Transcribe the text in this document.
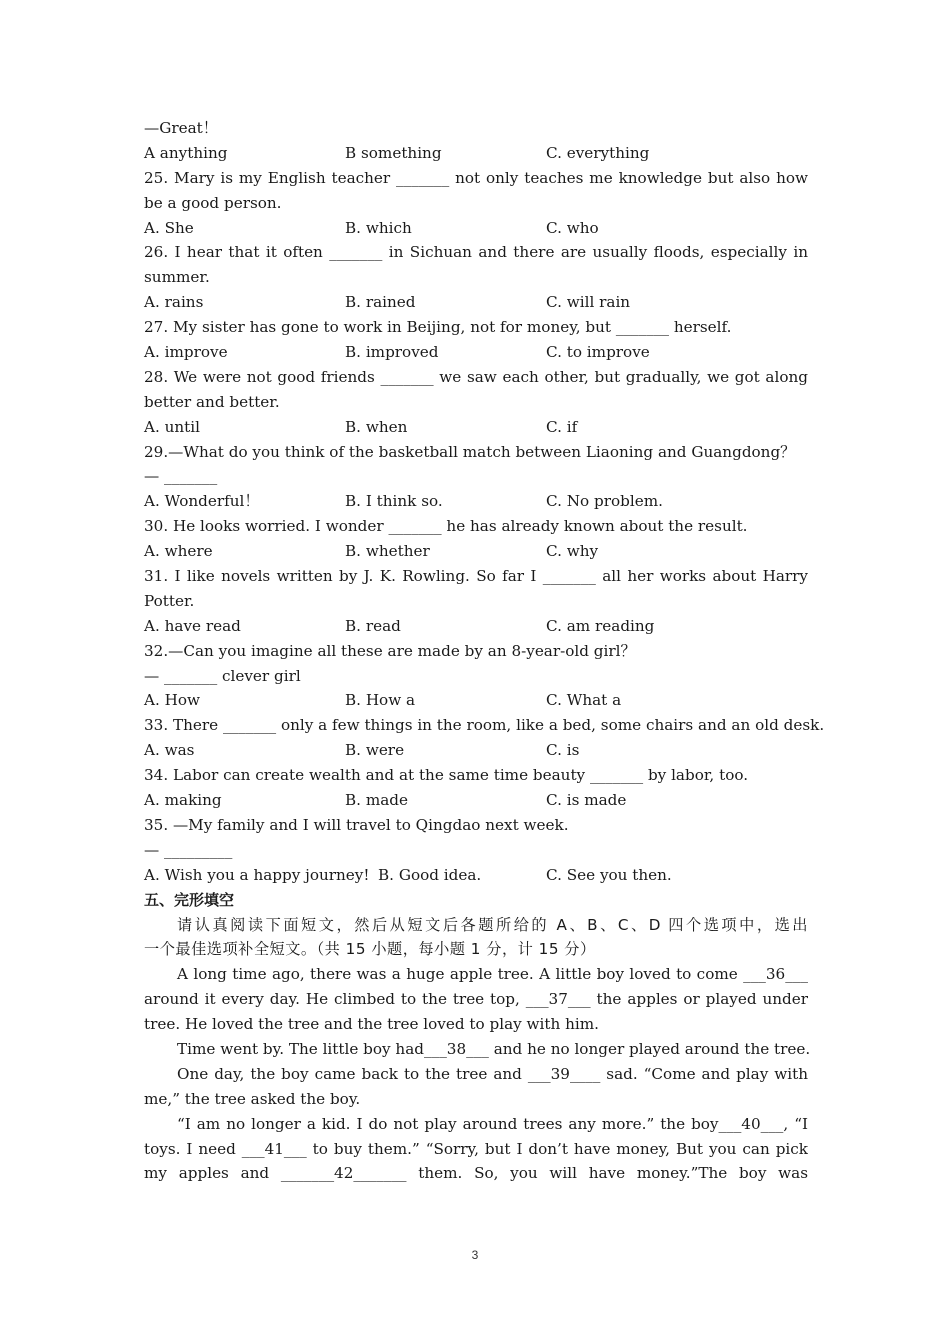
—Great！
A anything	B something	C. everything
25. Mary is my English teacher _______ not only teaches me knowledge but also how
be a good person.
A. She	B. which	C. who
26. I hear that it often _______ in Sichuan and there are usually floods, especially in
summer.
A. rains	B. rained	C. will rain
27. My sister has gone to work in Beijing, not for money, but _______ herself.
A. improve	B. improved	C. to improve
28. We were not good friends _______ we saw each other, but gradually, we got along
better and better.
A. until	B. when	C. if
29.—What do you think of the basketball match between Liaoning and Guangdong？
— _______
A. Wonderful！	B. I think so.	C. No problem.
30. He looks worried. I wonder _______ he has already known about the result.
A. where	B. whether	C. why
31. I like novels written by J. K. Rowling. So far I _______ all her works about Harry
Potter.
A. have read	B. read	C. am reading
32.—Can you imagine all these are made by an 8-year-old girl？
— _______ clever girl
A. How	B. How a	C. What a
33. There _______ only a few things in the room, like a bed, some chairs and an old desk.
A. was	B. were	C. is
34. Labor can create wealth and at the same time beauty _______ by labor, too.
A. making	B. made	C. is made
35. —My family and I will travel to Qingdao next week.
— _________
A. Wish you a happy journey! B. Good idea.	C. See you then.
五、完形填空
请认真阅读下面短文，然后从短文后各题所给的 A、B、C、D 四个选项中，选出
一个最佳选项补全短文。（共 15 小题，每小题 1 分，计 15 分）
A long time ago, there was a huge apple tree. A little boy loved to come ___36___
around it every day. He climbed to the tree top, ___37___ the apples or played under
tree. He loved the tree and the tree loved to play with him.
Time went by. The little boy had___38___ and he no longer played around the tree.
One day, the boy came back to the tree and ___39____ sad. “Come and play with
me,” the tree asked the boy.
“I am no longer a kid. I do not play around trees any more.” the boy___40___, “I
toys. I need ___41___ to buy them.” “Sorry, but I don’t have money, But you can pick
my apples and _______42_______ them. So, you will have money.”The boy was
3
